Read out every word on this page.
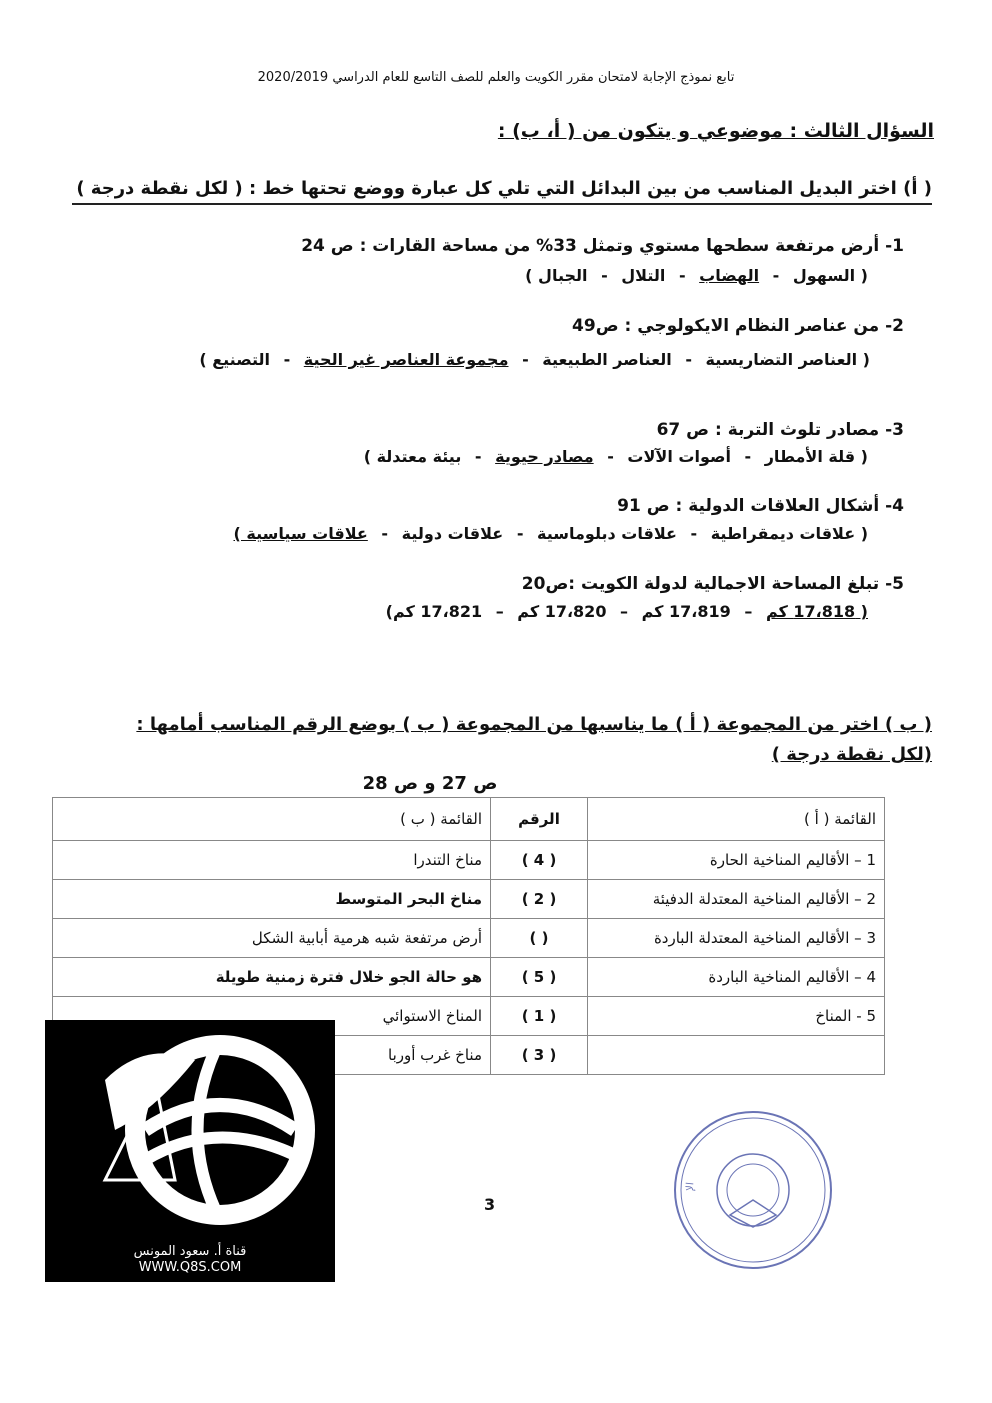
تابع نموذج الإجابة لامتحان مقرر الكويت والعلم للصف التاسع للعام الدراسي 2020/2019
السؤال الثالث : موضوعي و يتكون من ( أ، ب) :
( أ) اختر البديل المناسب من بين البدائل التي تلي كل عبارة ووضع تحتها خط : ( لكل نقطة درجة )
1- أرض مرتفعة سطحها مستوي وتمثل 33% من مساحة القارات : ص 24
( السهول - الهضاب - التلال - الجبال )
2- من عناصر النظام الايكولوجي : ص49
( العناصر التضاريسية - العناصر الطبيعية - مجموعة العناصر غير الحية - التصنيع )
3- مصادر تلوث التربة : ص 67
( قلة الأمطار - أصوات الآلات - مصادر حيوية - بيئة معتدلة )
4- أشكال العلاقات الدولية : ص 91
( علاقات ديمقراطية - علاقات دبلوماسية - علاقات دولية - علاقات سياسية )
5- تبلغ المساحة الاجمالية لدولة الكويت :ص20
( 17،818 كم – 17،819 كم – 17،820 كم – 17،821 كم)
( ب ) اختر من المجموعة ( أ ) ما يناسبها من المجموعة ( ب ) بوضع الرقم المناسب أمامها :
(لكل نقطة درجة )
ص 27 و ص 28
القائمة ( أ )	الرقم	القائمة ( ب )
1 – الأقاليم المناخية الحارة	( 4 )	مناخ التندرا
2 – الأقاليم المناخية المعتدلة الدفيئة	( 2 )	مناخ البحر المتوسط
3 – الأقاليم المناخية المعتدلة الباردة	( )	أرض مرتفعة شبه هرمية أبابية الشكل
4 – الأقاليم المناخية الباردة	( 5 )	هو حالة الجو خلال فترة زمنية طويلة
5 - المناخ	( 1 )	المناخ الاستوائي
	( 3 )	مناخ غرب أوربا
3
قناة أ. سعود المونس
WWW.Q8S.COM
الإ
